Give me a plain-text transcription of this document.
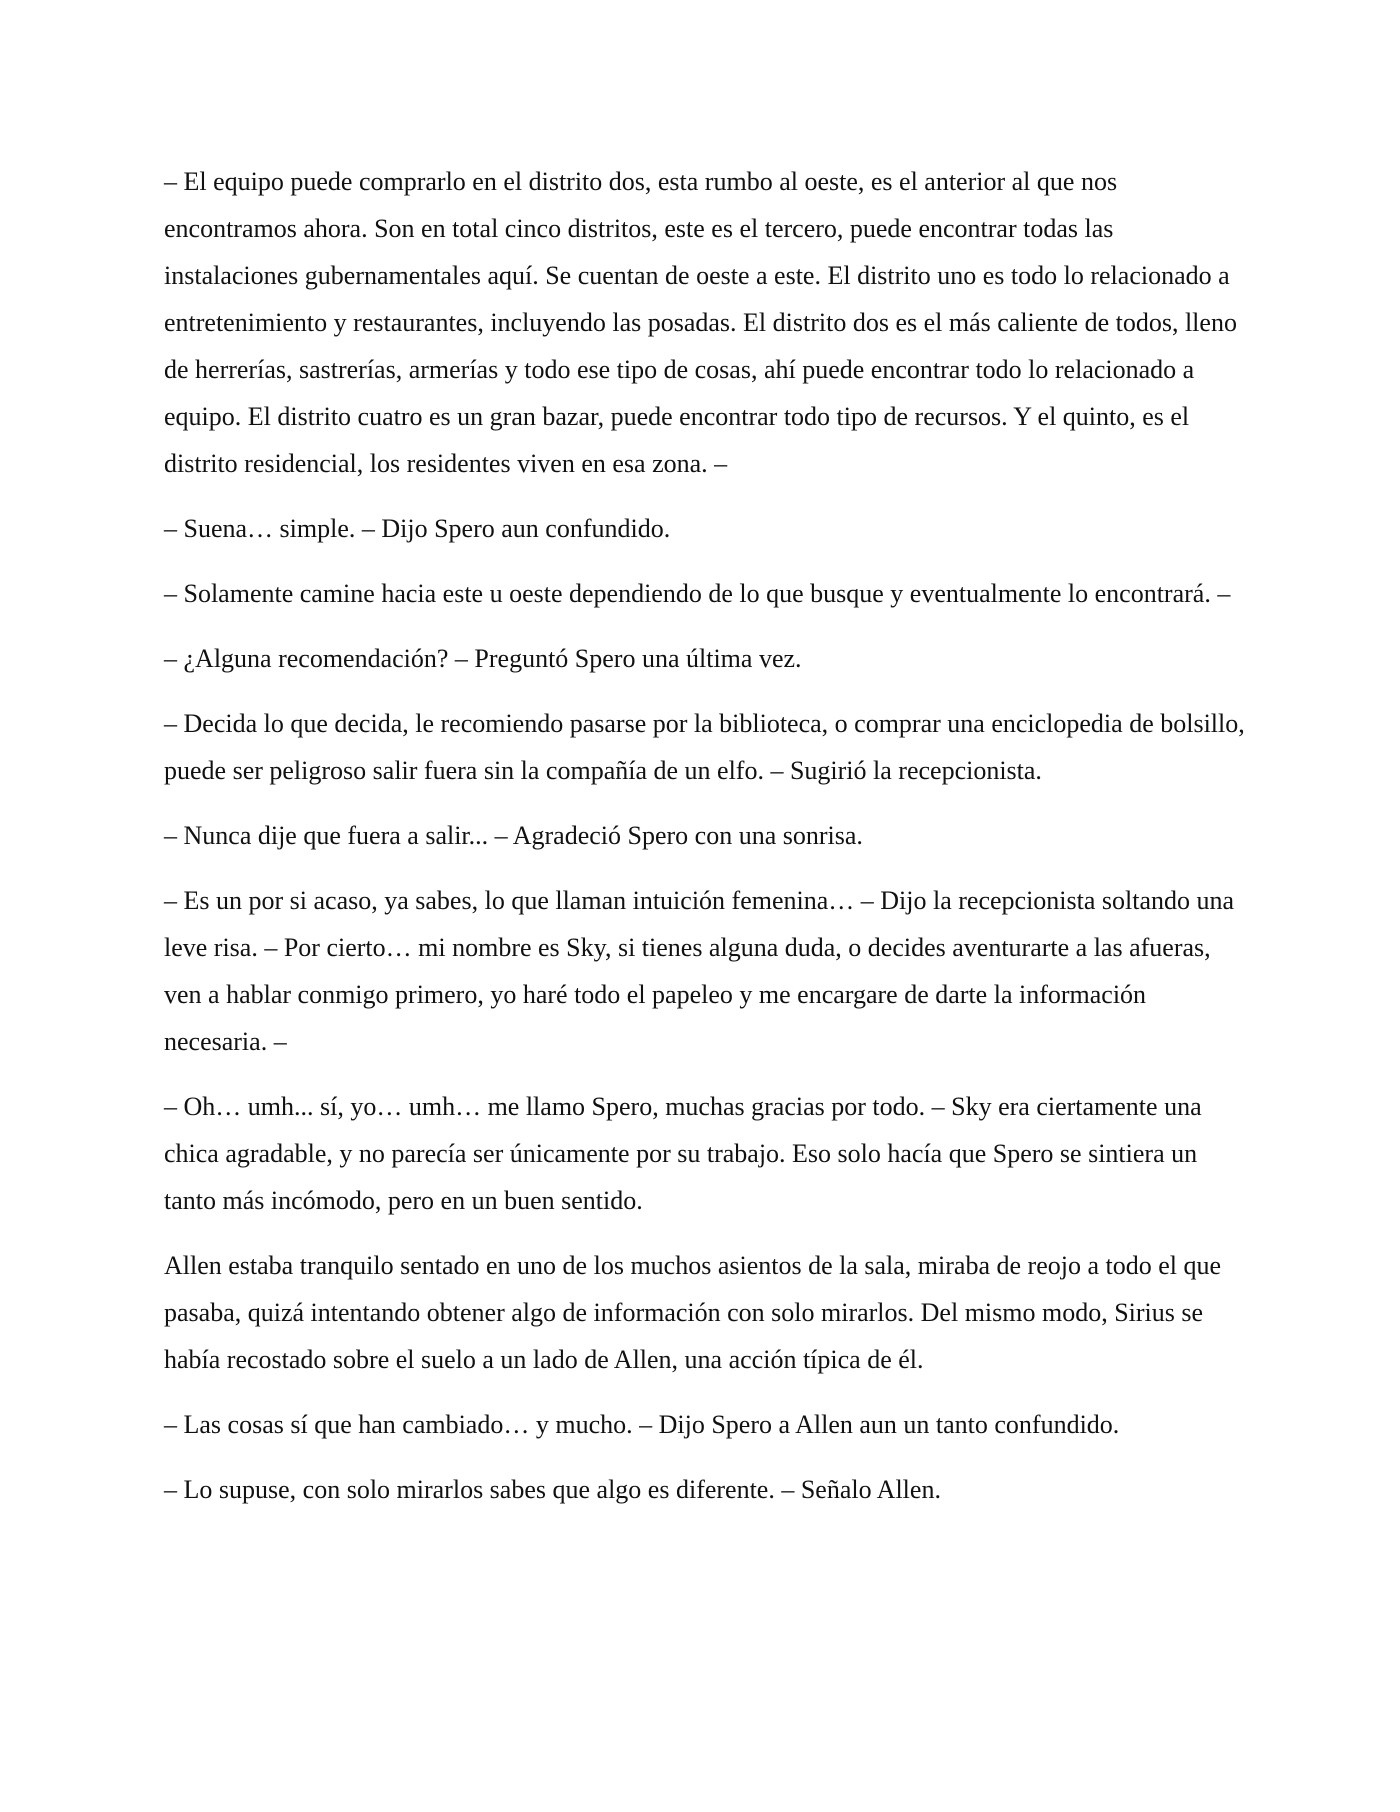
– El equipo puede comprarlo en el distrito dos, esta rumbo al oeste, es el anterior al que nos encontramos ahora. Son en total cinco distritos, este es el tercero, puede encontrar todas las instalaciones gubernamentales aquí. Se cuentan de oeste a este. El distrito uno es todo lo relacionado a entretenimiento y restaurantes, incluyendo las posadas. El distrito dos es el más caliente de todos, lleno de herrerías, sastrerías, armerías y todo ese tipo de cosas, ahí puede encontrar todo lo relacionado a equipo. El distrito cuatro es un gran bazar, puede encontrar todo tipo de recursos. Y el quinto, es el distrito residencial, los residentes viven en esa zona. –

– Suena… simple. – Dijo Spero aun confundido.

– Solamente camine hacia este u oeste dependiendo de lo que busque y eventualmente lo encontrará. –

– ¿Alguna recomendación? – Preguntó Spero una última vez.

– Decida lo que decida, le recomiendo pasarse por la biblioteca, o comprar una enciclopedia de bolsillo, puede ser peligroso salir fuera sin la compañía de un elfo. – Sugirió la recepcionista.

– Nunca dije que fuera a salir... – Agradeció Spero con una sonrisa.

– Es un por si acaso, ya sabes, lo que llaman intuición femenina… – Dijo la recepcionista soltando una leve risa. – Por cierto… mi nombre es Sky, si tienes alguna duda, o decides aventurarte a las afueras, ven a hablar conmigo primero, yo haré todo el papeleo y me encargare de darte la información necesaria. –

– Oh… umh... sí, yo… umh… me llamo Spero, muchas gracias por todo. – Sky era ciertamente una chica agradable, y no parecía ser únicamente por su trabajo. Eso solo hacía que Spero se sintiera un tanto más incómodo, pero en un buen sentido.

Allen estaba tranquilo sentado en uno de los muchos asientos de la sala, miraba de reojo a todo el que pasaba, quizá intentando obtener algo de información con solo mirarlos. Del mismo modo, Sirius se había recostado sobre el suelo a un lado de Allen, una acción típica de él.

– Las cosas sí que han cambiado… y mucho. – Dijo Spero a Allen aun un tanto confundido.

– Lo supuse, con solo mirarlos sabes que algo es diferente. – Señalo Allen.
